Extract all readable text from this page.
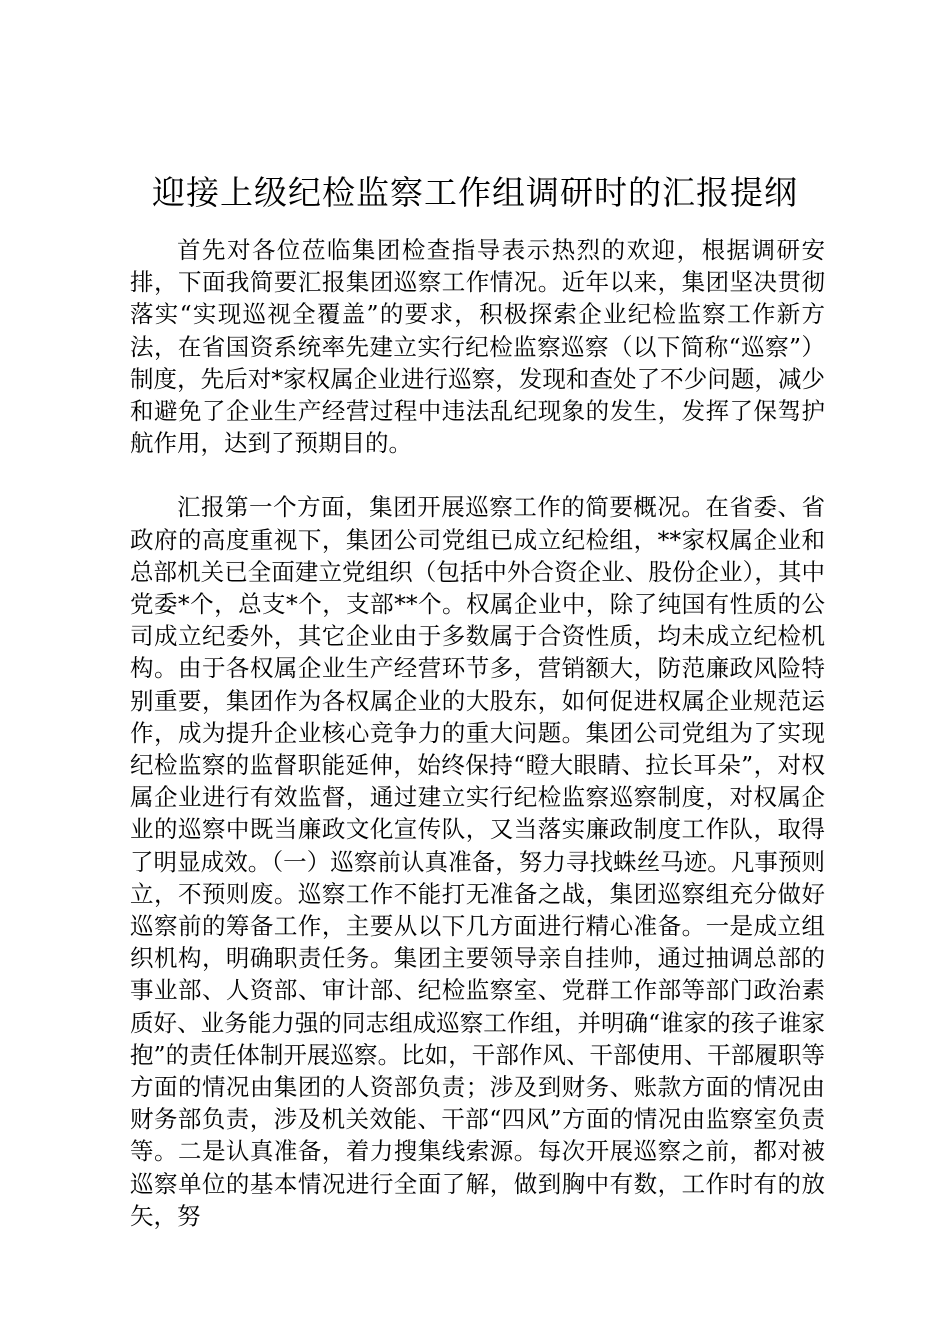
迎接上级纪检监察工作组调研时的汇报提纲

首先对各位莅临集团检查指导表示热烈的欢迎，根据调研安排，下面我简要汇报集团巡察工作情况。近年以来，集团坚决贯彻落实“实现巡视全覆盖”的要求，积极探索企业纪检监察工作新方法，在省国资系统率先建立实行纪检监察巡察（以下简称“巡察”）制度，先后对*家权属企业进行巡察，发现和查处了不少问题，减少和避免了企业生产经营过程中违法乱纪现象的发生，发挥了保驾护航作用，达到了预期目的。

汇报第一个方面，集团开展巡察工作的简要概况。在省委、省政府的高度重视下，集团公司党组已成立纪检组，**家权属企业和总部机关已全面建立党组织（包括中外合资企业、股份企业），其中党委*个，总支*个，支部**个。权属企业中，除了纯国有性质的公司成立纪委外，其它企业由于多数属于合资性质，均未成立纪检机构。由于各权属企业生产经营环节多，营销额大，防范廉政风险特别重要，集团作为各权属企业的大股东，如何促进权属企业规范运作，成为提升企业核心竞争力的重大问题。集团公司党组为了实现纪检监察的监督职能延伸，始终保持“瞪大眼睛、拉长耳朵”，对权属企业进行有效监督，通过建立实行纪检监察巡察制度，对权属企业的巡察中既当廉政文化宣传队，又当落实廉政制度工作队，取得了明显成效。（一）巡察前认真准备，努力寻找蛛丝马迹。凡事预则立，不预则废。巡察工作不能打无准备之战，集团巡察组充分做好巡察前的筹备工作，主要从以下几方面进行精心准备。一是成立组织机构，明确职责任务。集团主要领导亲自挂帅，通过抽调总部的事业部、人资部、审计部、纪检监察室、党群工作部等部门政治素质好、业务能力强的同志组成巡察工作组，并明确“谁家的孩子谁家抱”的责任体制开展巡察。比如，干部作风、干部使用、干部履职等方面的情况由集团的人资部负责；涉及到财务、账款方面的情况由财务部负责，涉及机关效能、干部“四风”方面的情况由监察室负责等。二是认真准备，着力搜集线索源。每次开展巡察之前，都对被巡察单位的基本情况进行全面了解，做到胸中有数，工作时有的放矢，努
